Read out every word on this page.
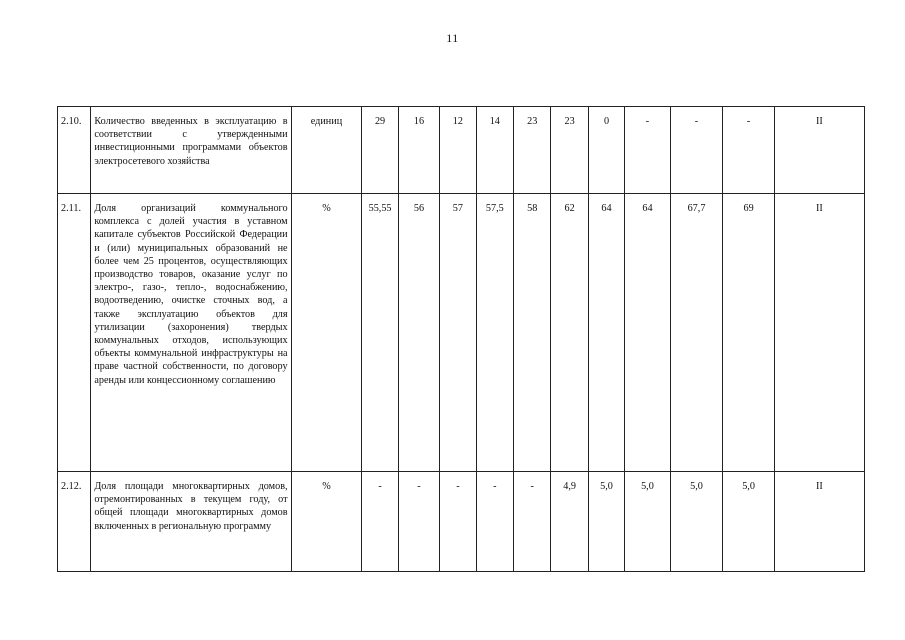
11
2.10.	Количество введенных в эксплуатацию в соответствии с утвержденными инвестиционными программами объектов электросетевого хозяйства	единиц	29	16	12	14	23	23	0	-	-	-	II
2.11.	Доля организаций коммунального комплекса с долей участия в уставном капитале субъектов Российской Федерации и (или) муниципальных образований не более чем 25 процентов, осуществляющих производство товаров, оказание услуг по электро-, газо-, тепло-, водоснабжению, водоотведению, очистке сточных вод, а также эксплуатацию объектов для утилизации (захоронения) твердых коммунальных отходов, использующих объекты коммунальной инфраструктуры на праве частной собственности, по договору аренды или концессионному соглашению	%	55,55	56	57	57,5	58	62	64	64	67,7	69	II
2.12.	Доля площади многоквартирных домов, отремонтированных в текущем году, от общей площади многоквартирных домов включенных в региональную программу	%	-	-	-	-	-	4,9	5,0	5,0	5,0	5,0	II
